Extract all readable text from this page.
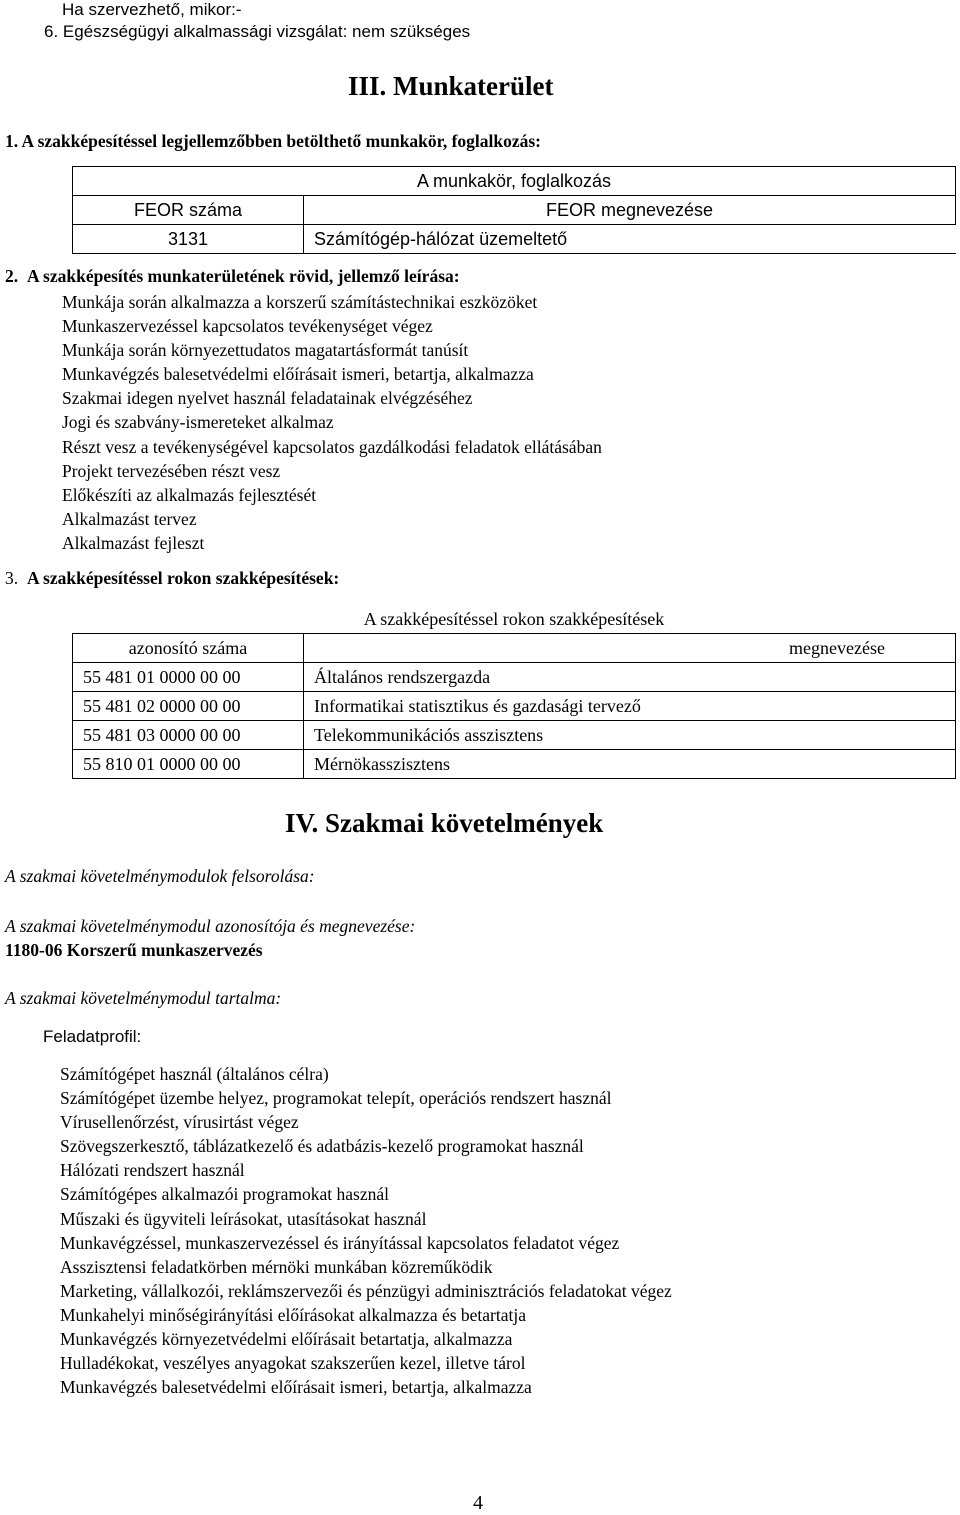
Ha szervezhető, mikor:-
6. Egészségügyi alkalmassági vizsgálat: nem szükséges
III. Munkaterület
1. A szakképesítéssel legjellemzőbben betölthető munkakör, foglalkozás:
A munkakör, foglalkozás	
FEOR száma	FEOR megnevezése
3131	Számítógép-hálózat üzemeltető
2. A szakképesítés munkaterületének rövid, jellemző leírása:
Munkája során alkalmazza a korszerű számítástechnikai eszközöket
Munkaszervezéssel kapcsolatos tevékenységet végez
Munkája során környezettudatos magatartásformát tanúsít
Munkavégzés balesetvédelmi előírásait ismeri, betartja, alkalmazza
Szakmai idegen nyelvet használ feladatainak elvégzéséhez
Jogi és szabvány-ismereteket alkalmaz
Részt vesz a tevékenységével kapcsolatos gazdálkodási feladatok ellátásában
Projekt tervezésében részt vesz
Előkészíti az alkalmazás fejlesztését
Alkalmazást tervez
Alkalmazást fejleszt
3. A szakképesítéssel rokon szakképesítések:
A szakképesítéssel rokon szakképesítések	
azonosító száma	megnevezése
55 481 01 0000 00 00	Általános rendszergazda
55 481 02 0000 00 00	Informatikai statisztikus és gazdasági tervező
55 481 03 0000 00 00	Telekommunikációs asszisztens
55 810 01 0000 00 00	Mérnökasszisztens
IV. Szakmai követelmények
A szakmai követelménymodulok felsorolása:
A szakmai követelménymodul azonosítója és megnevezése:
1180-06 Korszerű munkaszervezés
A szakmai követelménymodul tartalma:
Feladatprofil:
Számítógépet használ (általános célra)
Számítógépet üzembe helyez, programokat telepít, operációs rendszert használ
Vírusellenőrzést, vírusirtást végez
Szövegszerkesztő, táblázatkezelő és adatbázis-kezelő programokat használ
Hálózati rendszert használ
Számítógépes alkalmazói programokat használ
Műszaki és ügyviteli leírásokat, utasításokat használ
Munkavégzéssel, munkaszervezéssel és irányítással kapcsolatos feladatot végez
Asszisztensi feladatkörben mérnöki munkában közreműködik
Marketing, vállalkozói, reklámszervezői és pénzügyi adminisztrációs feladatokat végez
Munkahelyi minőségirányítási előírásokat alkalmazza és betartatja
Munkavégzés környezetvédelmi előírásait betartatja, alkalmazza
Hulladékokat, veszélyes anyagokat szakszerűen kezel, illetve tárol
Munkavégzés balesetvédelmi előírásait ismeri, betartja, alkalmazza
4
